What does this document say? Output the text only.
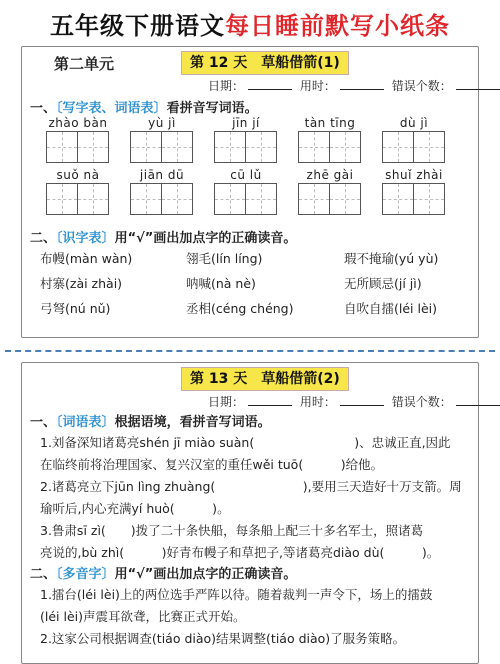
五年级下册语文每日睡前默写小纸条
第二单元	第 12 天　草船借箭(1)
日期：	用时：	错误个数：
一、〔写字表、词语表〕看拼音写词语。
zhào bàn	yù jì	jīn jí	tàn tīng	dù jì
suǒ nà	jiān dū	cū lǔ	zhē gài	shuǐ zhài
二、〔识字表〕用“√”画出加点字的正确读音。
布幔(màn wàn)	翎毛(lín líng)	瑕不掩瑜(yú yù)
村寨(zài zhài)	呐喊(nà nè)	无所顾忌(jí jì)
弓弩(nú nǔ)	丞相(céng chéng)	自吹自擂(léi lèi)
第 13 天　草船借箭(2)
日期：	用时：	错误个数：
一、〔词语表〕根据语境，看拼音写词语。
1.刘备深知诸葛亮shén jī miào suàn(　　　　　　　　)、忠诚正直,因此
在临终前将治理国家、复兴汉室的重任wěi tuō(　　　)给他。
2.诸葛亮立下jūn lìng zhuàng(　　　　　　　),要用三天造好十万支箭。周
瑜听后,内心充满yí huò(　　　)。
3.鲁肃sī zì(　　)拨了二十条快船，每条船上配三十多名军士，照诸葛
亮说的,bù zhì(　　　)好青布幔子和草把子,等诸葛亮diào dù(　　　)。
二、〔多音字〕用“√”画出加点字的正确读音。
1.擂台(léi lèi)上的两位选手严阵以待。随着裁判一声令下，场上的擂鼓
(léi lèi)声震耳欲聋，比赛正式开始。
2.这家公司根据调查(tiáo diào)结果调整(tiáo diào)了服务策略。
